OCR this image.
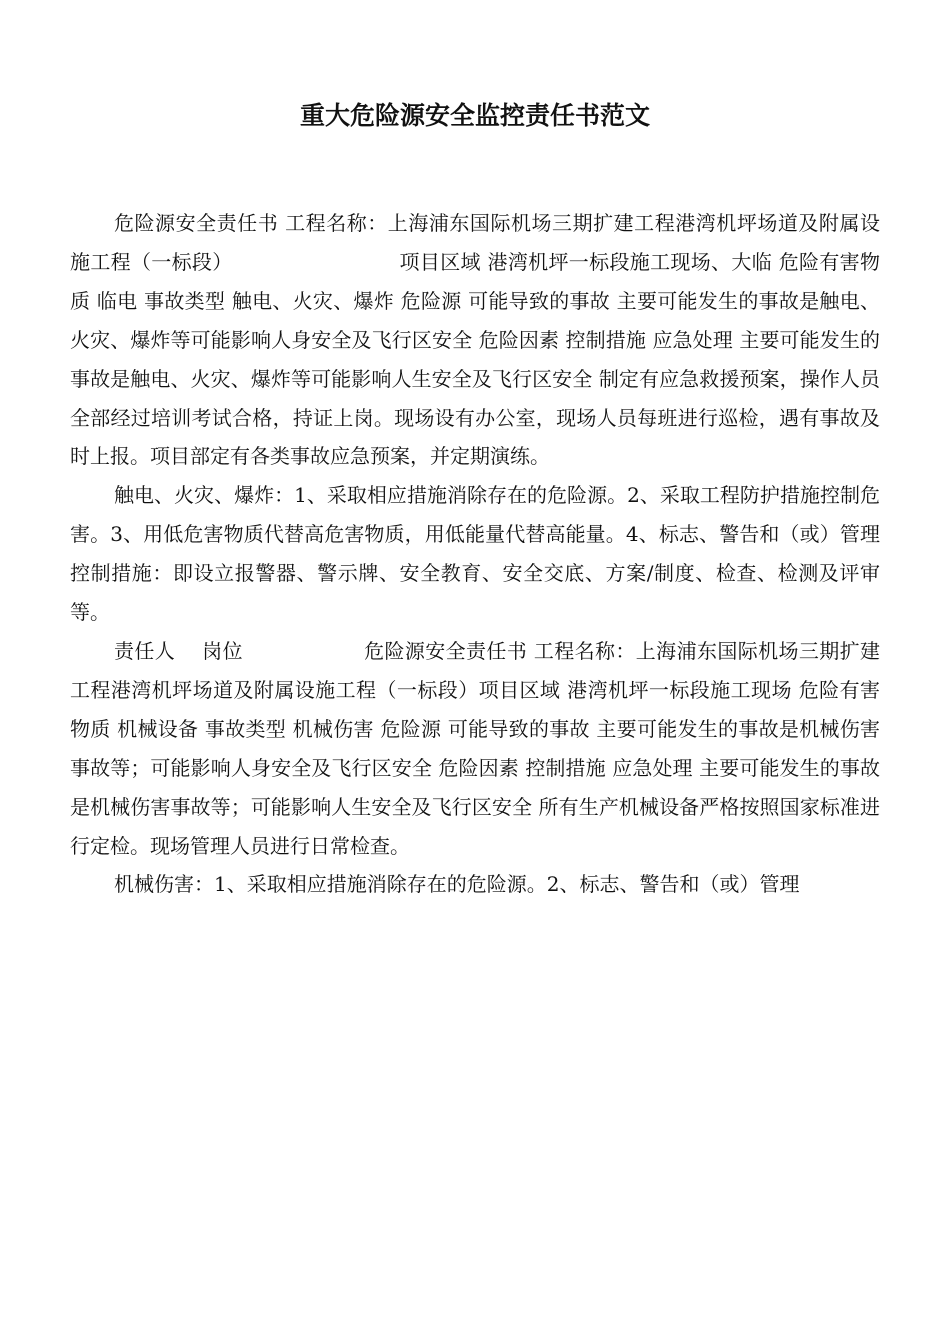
重大危险源安全监控责任书范文

危险源安全责任书 工程名称：上海浦东国际机场三期扩建工程港湾机坪场道及附属设施工程（一标段）                         项目区域 港湾机坪一标段施工现场、大临 危险有害物质 临电 事故类型 触电、火灾、爆炸 危险源 可能导致的事故 主要可能发生的事故是触电、火灾、爆炸等可能影响人身安全及飞行区安全 危险因素 控制措施 应急处理 主要可能发生的事故是触电、火灾、爆炸等可能影响人生安全及飞行区安全 制定有应急救援预案，操作人员全部经过培训考试合格，持证上岗。现场设有办公室，现场人员每班进行巡检，遇有事故及时上报。项目部定有各类事故应急预案，并定期演练。

触电、火灾、爆炸：1、采取相应措施消除存在的危险源。2、采取工程防护措施控制危害。3、用低危害物质代替高危害物质，用低能量代替高能量。4、标志、警告和（或）管理控制措施：即设立报警器、警示牌、安全教育、安全交底、方案/制度、检查、检测及评审等。

责任人    岗位                  危险源安全责任书 工程名称：上海浦东国际机场三期扩建工程港湾机坪场道及附属设施工程（一标段）项目区域 港湾机坪一标段施工现场 危险有害物质 机械设备 事故类型 机械伤害 危险源 可能导致的事故 主要可能发生的事故是机械伤害事故等；可能影响人身安全及飞行区安全 危险因素 控制措施 应急处理 主要可能发生的事故是机械伤害事故等；可能影响人生安全及飞行区安全 所有生产机械设备严格按照国家标准进行定检。现场管理人员进行日常检查。

机械伤害：1、采取相应措施消除存在的危险源。2、标志、警告和（或）管理
